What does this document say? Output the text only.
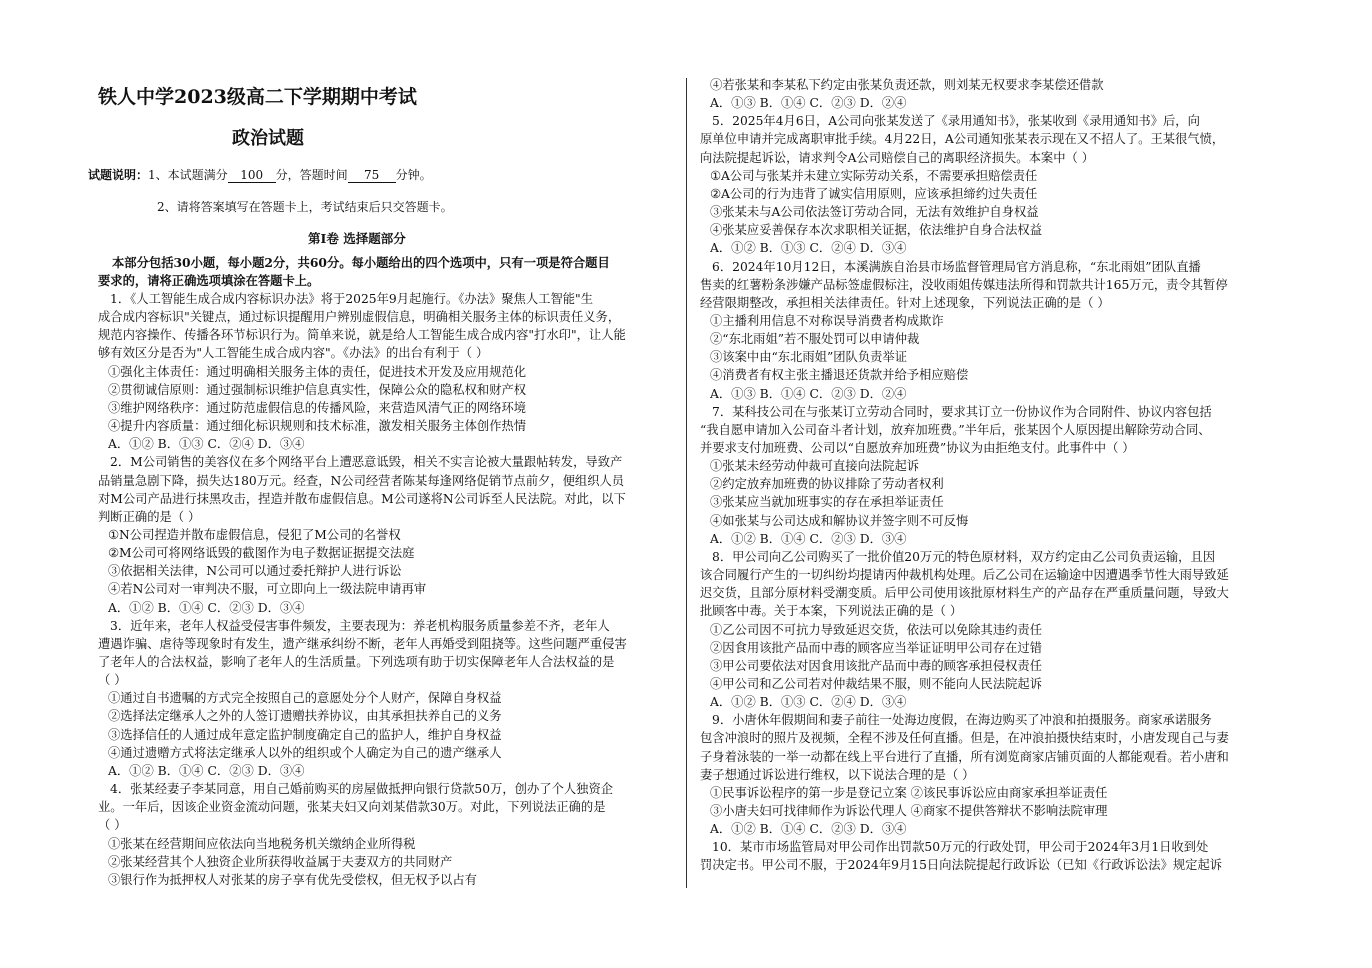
铁人中学2023级高二下学期期中考试
政治试题
试题说明：1、本试题满分 100 分，答题时间 75 分钟。
2、请将答案填写在答题卡上，考试结束后只交答题卡。
第Ⅰ卷 选择题部分
本部分包括30小题，每小题2分，共60分。每小题给出的四个选项中，只有一项是符合题目
要求的，请将正确选项填涂在答题卡上。
1．《人工智能生成合成内容标识办法》将于2025年9月起施行。《办法》聚焦人工智能"生
成合成内容标识"关键点，通过标识提醒用户辨别虚假信息，明确相关服务主体的标识责任义务，
规范内容操作、传播各环节标识行为。简单来说，就是给人工智能生成合成内容"打水印"，让人能
够有效区分是否为"人工智能生成合成内容"。《办法》的出台有利于（ ）
①强化主体责任：通过明确相关服务主体的责任，促进技术开发及应用规范化
②贯彻诚信原则：通过强制标识维护信息真实性，保障公众的隐私权和财产权
③维护网络秩序：通过防范虚假信息的传播风险，来营造风清气正的网络环境
④提升内容质量：通过细化标识规则和技术标准，激发相关服务主体创作热情
A．①② B．①③ C．②④ D．③④
2．M公司销售的美容仪在多个网络平台上遭恶意诋毁，相关不实言论被大量跟帖转发，导致产
品销量急剧下降，损失达180万元。经查，N公司经营者陈某每逢网络促销节点前夕，便组织人员
对M公司产品进行抹黑攻击，捏造并散布虚假信息。M公司遂将N公司诉至人民法院。对此，以下
判断正确的是（ ）
①N公司捏造并散布虚假信息，侵犯了M公司的名誉权
②M公司可将网络诋毁的截图作为电子数据证据提交法庭
③依据相关法律，N公司可以通过委托辩护人进行诉讼
④若N公司对一审判决不服，可立即向上一级法院申请再审
A．①② B．①④ C．②③ D．③④
3．近年来，老年人权益受侵害事件频发，主要表现为：养老机构服务质量参差不齐，老年人
遭遇诈骗、虐待等现象时有发生，遗产继承纠纷不断，老年人再婚受到阻挠等。这些问题严重侵害
了老年人的合法权益，影响了老年人的生活质量。下列选项有助于切实保障老年人合法权益的是
（ ）
①通过自书遗嘱的方式完全按照自己的意愿处分个人财产，保障自身权益
②选择法定继承人之外的人签订遗赠扶养协议，由其承担扶养自己的义务
③选择信任的人通过成年意定监护制度确定自己的监护人，维护自身权益
④通过遗赠方式将法定继承人以外的组织或个人确定为自己的遗产继承人
A．①② B．①④ C．②③ D．③④
4．张某经妻子李某同意，用自己婚前购买的房屋做抵押向银行贷款50万，创办了个人独资企
业。一年后，因该企业资金流动问题，张某夫妇又向刘某借款30万。对此，下列说法正确的是
（ ）
①张某在经营期间应依法向当地税务机关缴纳企业所得税
②张某经营其个人独资企业所获得收益属于夫妻双方的共同财产
③银行作为抵押权人对张某的房子享有优先受偿权，但无权予以占有
④若张某和李某私下约定由张某负责还款，则刘某无权要求李某偿还借款
A．①③ B．①④ C．②③ D．②④
5．2025年4月6日，A公司向张某发送了《录用通知书》，张某收到《录用通知书》后，向
原单位申请并完成离职审批手续。4月22日，A公司通知张某表示现在又不招人了。王某很气愤，
向法院提起诉讼，请求判令A公司赔偿自己的离职经济损失。本案中（ ）
①A公司与张某并未建立实际劳动关系，不需要承担赔偿责任
②A公司的行为违背了诚实信用原则，应该承担缔约过失责任
③张某未与A公司依法签订劳动合同，无法有效维护自身权益
④张某应妥善保存本次求职相关证据，依法维护自身合法权益
A．①② B．①③ C．②④ D．③④
6．2024年10月12日，本溪满族自治县市场监督管理局官方消息称，“东北雨姐”团队直播
售卖的红薯粉条涉嫌产品标签虚假标注，没收雨姐传媒违法所得和罚款共计165万元，责令其暂停
经营限期整改，承担相关法律责任。针对上述现象，下列说法正确的是（ ）
①主播利用信息不对称误导消费者构成欺诈
②“东北雨姐”若不服处罚可以申请仲裁
③该案中由“东北雨姐”团队负责举证
④消费者有权主张主播退还货款并给予相应赔偿
A．①③ B．①④ C．②③ D．②④
7．某科技公司在与张某订立劳动合同时，要求其订立一份协议作为合同附件、协议内容包括
“我自愿申请加入公司奋斗者计划，放弃加班费。”半年后，张某因个人原因提出解除劳动合同、
并要求支付加班费、公司以“自愿放弃加班费”协议为由拒绝支付。此事件中（ ）
①张某未经劳动仲裁可直接向法院起诉
②约定放弃加班费的协议排除了劳动者权利
③张某应当就加班事实的存在承担举证责任
④如张某与公司达成和解协议并签字则不可反悔
A．①② B．①④ C．②③ D．③④
8．甲公司向乙公司购买了一批价值20万元的特色原材料，双方约定由乙公司负责运输，且因
该合同履行产生的一切纠纷均提请丙仲裁机构处理。后乙公司在运输途中因遭遇季节性大雨导致延
迟交货，且部分原材料受潮变质。后甲公司使用该批原材料生产的产品存在严重质量问题，导致大
批顾客中毒。关于本案，下列说法正确的是（ ）
①乙公司因不可抗力导致延迟交货，依法可以免除其违约责任
②因食用该批产品而中毒的顾客应当举证证明甲公司存在过错
③甲公司要依法对因食用该批产品而中毒的顾客承担侵权责任
④甲公司和乙公司若对仲裁结果不服，则不能向人民法院起诉
A．①② B．①③ C．②④ D．③④
9．小唐休年假期间和妻子前往一处海边度假，在海边购买了冲浪和拍摄服务。商家承诺服务
包含冲浪时的照片及视频，全程不涉及任何直播。但是，在冲浪拍摄快结束时，小唐发现自己与妻
子身着泳装的一举一动都在线上平台进行了直播，所有浏览商家店铺页面的人都能观看。若小唐和
妻子想通过诉讼进行维权，以下说法合理的是（ ）
①民事诉讼程序的第一步是登记立案 ②该民事诉讼应由商家承担举证责任
③小唐夫妇可找律师作为诉讼代理人 ④商家不提供答辩状不影响法院审理
A．①② B．①④ C．②③ D．③④
10．某市市场监管局对甲公司作出罚款50万元的行政处罚，甲公司于2024年3月1日收到处
罚决定书。甲公司不服，于2024年9月15日向法院提起行政诉讼（已知《行政诉讼法》规定起诉
